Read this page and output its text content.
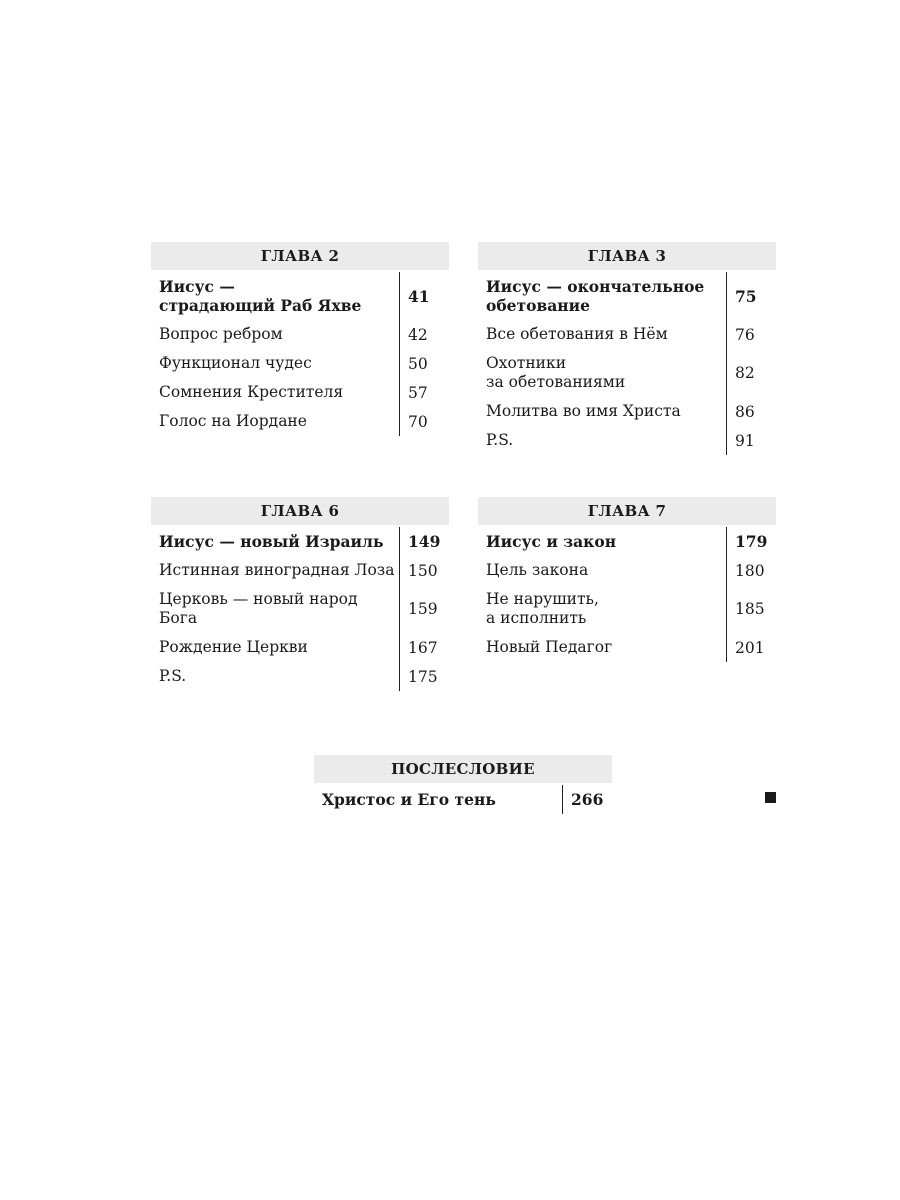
ГЛАВА 2
Иисус —
страдающий Раб Яхве	41
Вопрос ребром	42
Функционал чудес	50
Сомнения Крестителя	57
Голос на Иордане	70
ГЛАВА 3
Иисус — окончательное
обетование	75
Все обетования в Нём	76
Охотники
за обетованиями	82
Молитва во имя Христа	86
P.S.	91
ГЛАВА 6
Иисус — новый Израиль	149
Истинная виноградная Лоза 150
Церковь — новый народ
Бога	159
Рождение Церкви	167
P.S.	175
ГЛАВА 7
Иисус и закон	179
Цель закона	180
Не нарушить,
а исполнить	185
Новый Педагог	201
ПОСЛЕСЛОВИЕ
Христос и Его тень	266
